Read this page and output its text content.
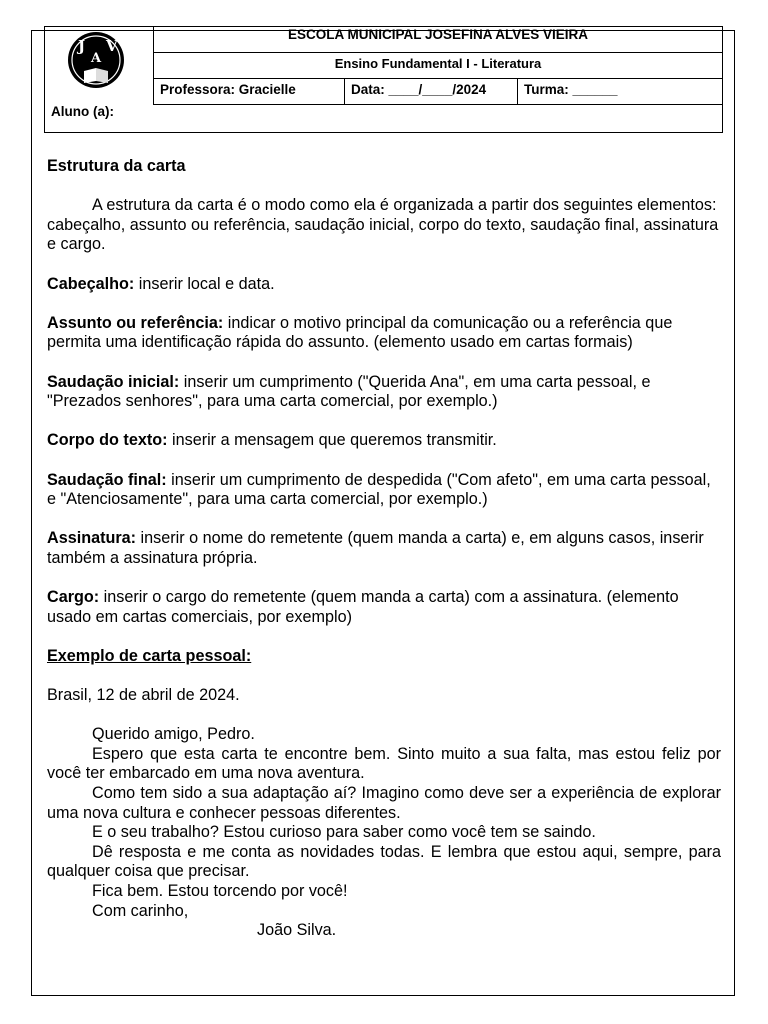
J
A
V
ESCOLA MUNICIPAL JOSEFINA ALVES VIEIRA
Ensino Fundamental I - Literatura
Professora: Gracielle	Data: ____/____/2024	Turma: ______
Aluno (a):

Estrutura da carta

A estrutura da carta é o modo como ela é organizada a partir dos seguintes elementos: cabeçalho, assunto ou referência, saudação inicial, corpo do texto, saudação final, assinatura e cargo.

Cabeçalho: inserir local e data.

Assunto ou referência: indicar o motivo principal da comunicação ou a referência que permita uma identificação rápida do assunto. (elemento usado em cartas formais)

Saudação inicial: inserir um cumprimento ("Querida Ana", em uma carta pessoal, e "Prezados senhores", para uma carta comercial, por exemplo.)

Corpo do texto: inserir a mensagem que queremos transmitir.

Saudação final: inserir um cumprimento de despedida ("Com afeto", em uma carta pessoal, e "Atenciosamente", para uma carta comercial, por exemplo.)

Assinatura: inserir o nome do remetente (quem manda a carta) e, em alguns casos, inserir também a assinatura própria.

Cargo: inserir o cargo do remetente (quem manda a carta) com a assinatura. (elemento usado em cartas comerciais, por exemplo)

Exemplo de carta pessoal:

Brasil, 12 de abril de 2024.

Querido amigo, Pedro.

Espero que esta carta te encontre bem. Sinto muito a sua falta, mas estou feliz por você ter embarcado em uma nova aventura.

Como tem sido a sua adaptação aí? Imagino como deve ser a experiência de explorar uma nova cultura e conhecer pessoas diferentes.

E o seu trabalho? Estou curioso para saber como você tem se saindo.

Dê resposta e me conta as novidades todas. E lembra que estou aqui, sempre, para qualquer coisa que precisar.

Fica bem. Estou torcendo por você!

Com carinho,

João Silva.
